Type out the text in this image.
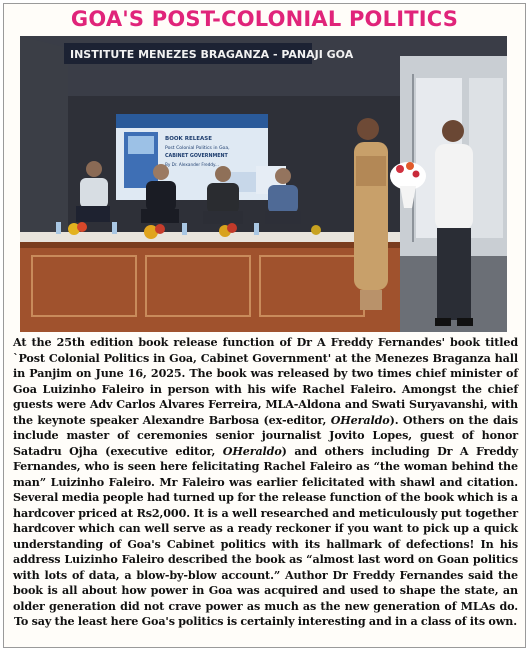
GOA'S POST-COLONIAL POLITICS
INSTITUTE MENEZES BRAGANZA - PANAJI GOA
BOOK RELEASE
Post Colonial Politics in Goa,
CABINET GOVERNMENT
By Dr. Alexander Freddy...
At the 25th edition book release function of Dr A Freddy Fernandes' book titled `Post Colonial Politics in Goa, Cabinet Government' at the Menezes Braganza hall in Panjim on June 16, 2025. The book was released by two times chief minister of Goa Luizinho Faleiro in person with his wife Rachel Faleiro. Amongst the chief guests were Adv Carlos Alvares Ferreira, MLA-Aldona and Swati Suryavanshi, with the keynote speaker Alexandre Barbosa (ex-editor, OHeraldo). Others on the dais include master of ceremonies senior journalist Jovito Lopes, guest of honor Satadru Ojha (executive editor, OHeraldo) and others including Dr A Freddy Fernandes, who is seen here felicitating Rachel Faleiro as “the woman behind the man” Luizinho Faleiro. Mr Faleiro was earlier felicitated with shawl and citation. Several media people had turned up for the release function of the book which is a hardcover priced at Rs2,000. It is a well researched and meticulously put together hardcover which can well serve as a ready reckoner if you want to pick up a quick understanding of Goa's Cabinet politics with its hallmark of defections! In his address Luizinho Faleiro described the book as “almost last word on Goan politics with lots of data, a blow-by-blow account.” Author Dr Freddy Fernandes said the book is all about how power in Goa was acquired and used to shape the state, an older generation did not crave power as much as the new generation of MLAs do. To say the least here Goa's politics is certainly interesting and in a class of its own.
